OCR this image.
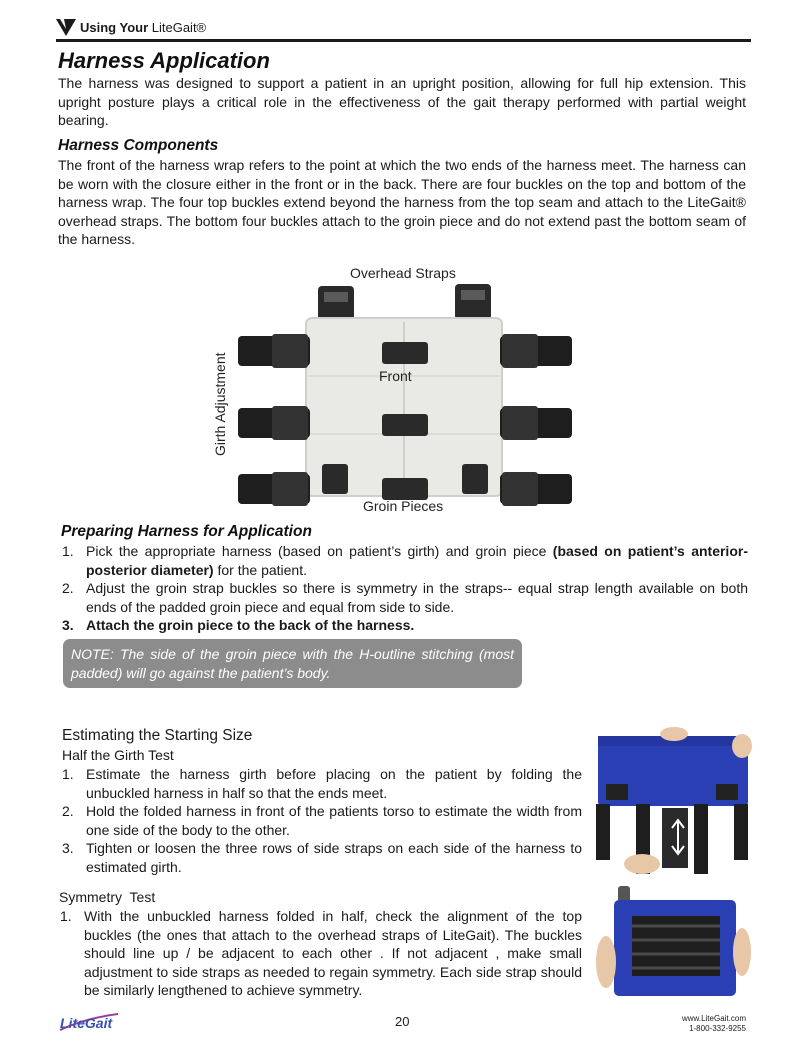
Using Your LiteGait®
Harness Application

The harness was designed to support a patient in an upright position, allowing for full hip extension. This upright posture plays a critical role in the effectiveness of the gait therapy performed with partial weight bearing.

Harness Components

The front of the harness wrap refers to the point at which the two ends of the harness meet. The harness can be worn with the closure either in the front or in the back. There are four buckles on the top and bottom of the harness wrap. The four top buckles extend beyond the harness from the top seam and attach to the LiteGait® overhead straps. The bottom four buckles attach to the groin piece and do not extend past the bottom seam of the harness.

Overhead Straps
Front
Girth Adjustment
Groin Pieces
Preparing Harness for Application
1. Pick the appropriate harness (based on patient’s girth) and groin piece (based on patient’s anterior-posterior diameter) for the patient.
2. Adjust the groin strap buckles so there is symmetry in the straps-- equal strap length available on both ends of the padded groin piece and equal from side to side.
3. Attach the groin piece to the back of the harness.
NOTE: The side of the groin piece with the H-outline stitching (most padded) will go against the patient’s body.
Estimating the Starting Size
Half the Girth Test
1. Estimate the harness girth before placing on the patient by folding the unbuckled harness in half so that the ends meet.
2. Hold the folded harness in front of the patients torso to estimate the width from one side of the body to the other.
3. Tighten or loosen the three rows of side straps on each side of the harness to estimated girth.
Symmetry  Test
1. With the unbuckled harness folded in half, check the alignment of the top buckles (the ones that attach to the overhead straps of LiteGait). The buckles should line up / be adjacent to each other . If not adjacent , make small adjustment to side straps as needed to regain symmetry. Each side strap should be similarly lengthened to achieve symmetry.
LiteGait	20	www.LiteGait.com
1-800-332-9255
